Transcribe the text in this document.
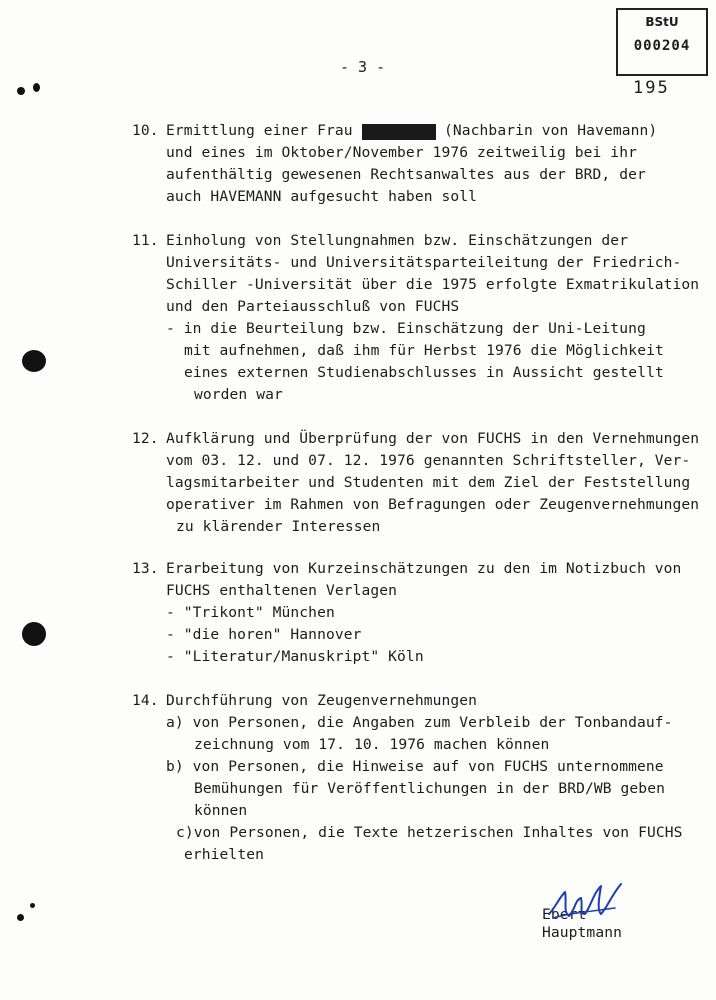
BStU
000204
195
- 3 -
10. Ermittlung einer Frau	(Nachbarin von Havemann)
und eines im Oktober/November 1976 zeitweilig bei ihr
aufenthältig gewesenen Rechtsanwaltes aus der BRD, der
auch HAVEMANN aufgesucht haben soll
11. Einholung von Stellungnahmen bzw. Einschätzungen der
Universitäts- und Universitätsparteileitung der Friedrich-
Schiller -Universität über die 1975 erfolgte Exmatrikulation
und den Parteiausschluß von FUCHS
- in die Beurteilung bzw. Einschätzung der Uni-Leitung
mit aufnehmen, daß ihm für Herbst 1976 die Möglichkeit
eines externen Studienabschlusses in Aussicht gestellt
worden war
12. Aufklärung und Überprüfung der von FUCHS in den Vernehmungen
vom 03. 12. und 07. 12. 1976 genannten Schriftsteller, Ver-
lagsmitarbeiter und Studenten mit dem Ziel der Feststellung
operativer im Rahmen von Befragungen oder Zeugenvernehmungen
zu klärender Interessen
13. Erarbeitung von Kurzeinschätzungen zu den im Notizbuch von
FUCHS enthaltenen Verlagen
- "Trikont" München
- "die horen" Hannover
- "Literatur/Manuskript" Köln
14. Durchführung von Zeugenvernehmungen
a) von Personen, die Angaben zum Verbleib der Tonbandauf-
zeichnung vom 17. 10. 1976 machen können
b) von Personen, die Hinweise auf von FUCHS unternommene
Bemühungen für Veröffentlichungen in der BRD/WB geben
können
c)von Personen, die Texte hetzerischen Inhaltes von FUCHS
erhielten
Ebert
Hauptmann
